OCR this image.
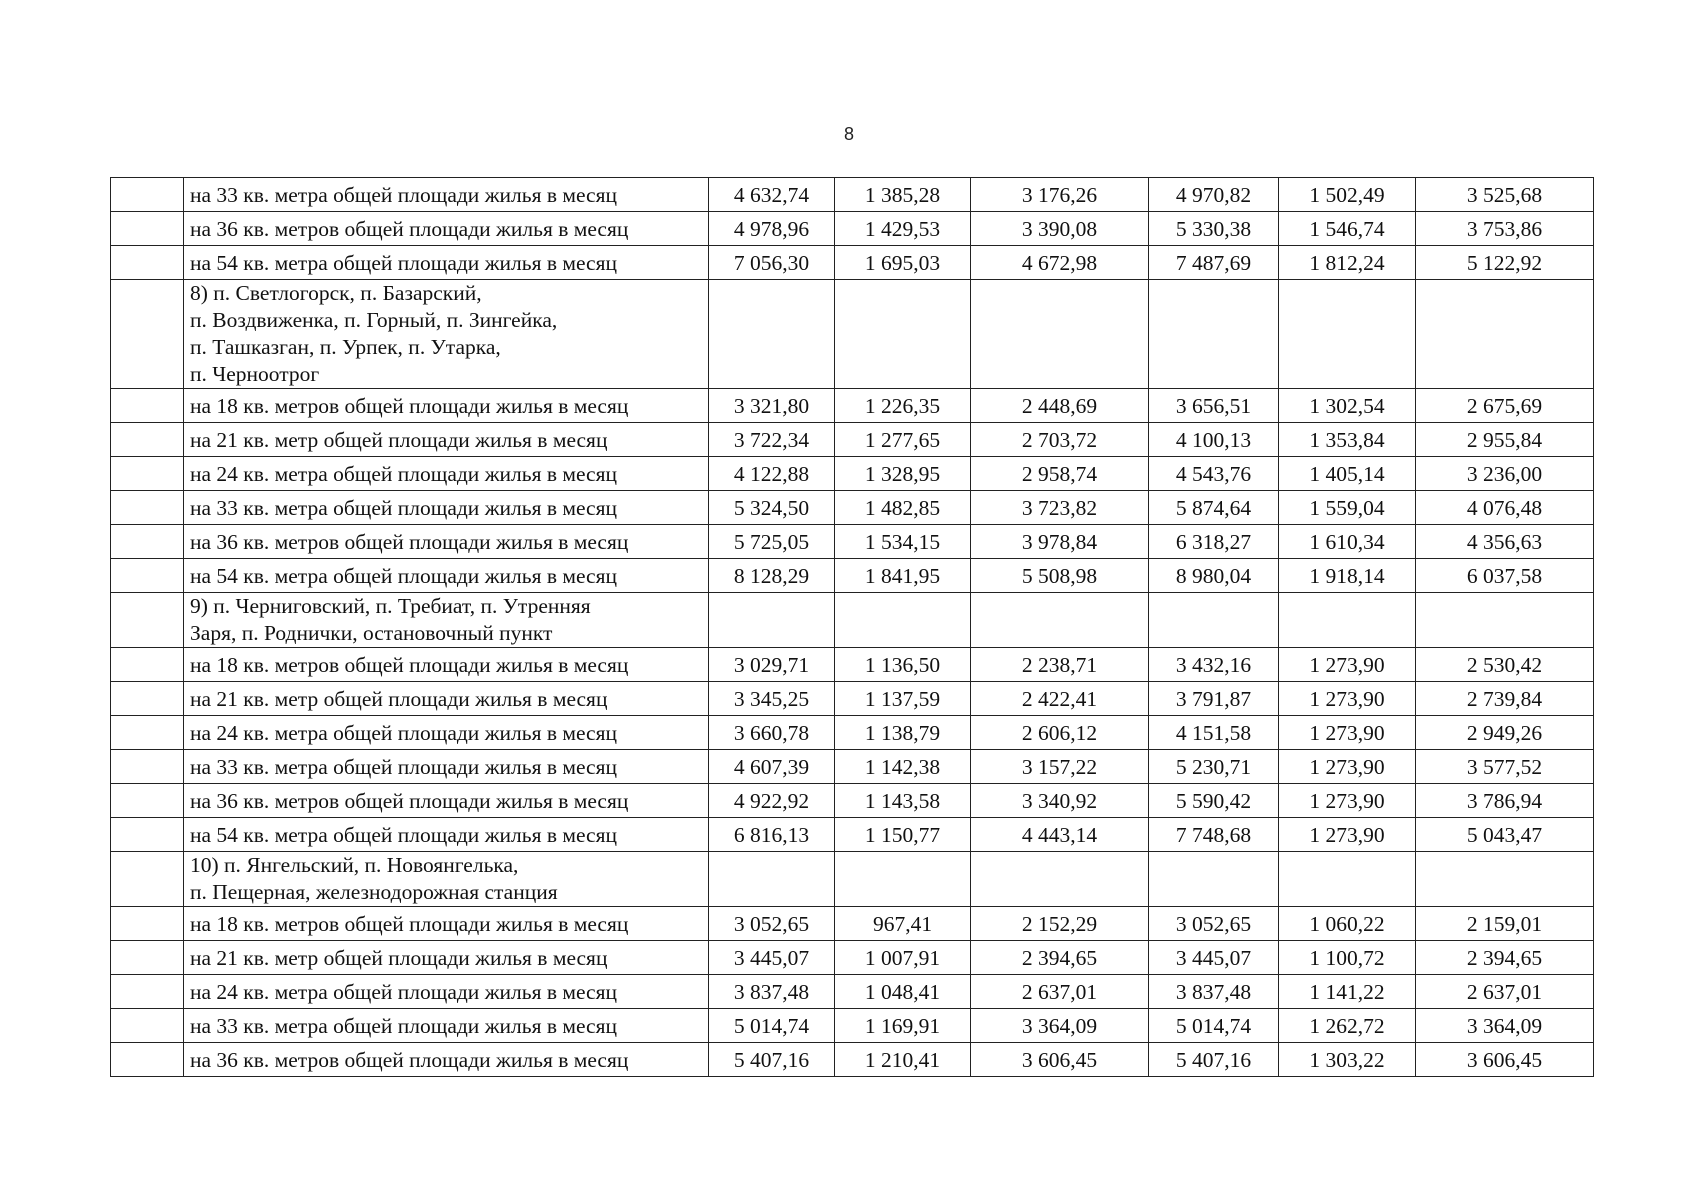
8
	на 33 кв. метра общей площади жилья в месяц	4 632,74	1 385,28	3 176,26	4 970,82	1 502,49	3 525,68
	на 36 кв. метров общей площади жилья в месяц	4 978,96	1 429,53	3 390,08	5 330,38	1 546,74	3 753,86
	на 54 кв. метра общей площади жилья в месяц	7 056,30	1 695,03	4 672,98	7 487,69	1 812,24	5 122,92

	8) п. Светлогорск, п. Базарский,
п. Воздвиженка, п. Горный, п. Зингейка,
п. Ташказган, п. Урпек, п. Утарка,
п. Черноотрог						

	на 18 кв. метров общей площади жилья в месяц	3 321,80	1 226,35	2 448,69	3 656,51	1 302,54	2 675,69
	на 21 кв. метр общей площади жилья в месяц	3 722,34	1 277,65	2 703,72	4 100,13	1 353,84	2 955,84
	на 24 кв. метра общей площади жилья в месяц	4 122,88	1 328,95	2 958,74	4 543,76	1 405,14	3 236,00
	на 33 кв. метра общей площади жилья в месяц	5 324,50	1 482,85	3 723,82	5 874,64	1 559,04	4 076,48
	на 36 кв. метров общей площади жилья в месяц	5 725,05	1 534,15	3 978,84	6 318,27	1 610,34	4 356,63
	на 54 кв. метра общей площади жилья в месяц	8 128,29	1 841,95	5 508,98	8 980,04	1 918,14	6 037,58

	9) п. Черниговский, п. Требиат, п. Утренняя
Заря, п. Роднички, остановочный пункт						

	на 18 кв. метров общей площади жилья в месяц	3 029,71	1 136,50	2 238,71	3 432,16	1 273,90	2 530,42
	на 21 кв. метр общей площади жилья в месяц	3 345,25	1 137,59	2 422,41	3 791,87	1 273,90	2 739,84
	на 24 кв. метра общей площади жилья в месяц	3 660,78	1 138,79	2 606,12	4 151,58	1 273,90	2 949,26
	на 33 кв. метра общей площади жилья в месяц	4 607,39	1 142,38	3 157,22	5 230,71	1 273,90	3 577,52
	на 36 кв. метров общей площади жилья в месяц	4 922,92	1 143,58	3 340,92	5 590,42	1 273,90	3 786,94
	на 54 кв. метра общей площади жилья в месяц	6 816,13	1 150,77	4 443,14	7 748,68	1 273,90	5 043,47

	10) п. Янгельский, п. Новоянгелька,
п. Пещерная, железнодорожная станция						

	на 18 кв. метров общей площади жилья в месяц	3 052,65	967,41	2 152,29	3 052,65	1 060,22	2 159,01
	на 21 кв. метр общей площади жилья в месяц	3 445,07	1 007,91	2 394,65	3 445,07	1 100,72	2 394,65
	на 24 кв. метра общей площади жилья в месяц	3 837,48	1 048,41	2 637,01	3 837,48	1 141,22	2 637,01
	на 33 кв. метра общей площади жилья в месяц	5 014,74	1 169,91	3 364,09	5 014,74	1 262,72	3 364,09
	на 36 кв. метров общей площади жилья в месяц	5 407,16	1 210,41	3 606,45	5 407,16	1 303,22	3 606,45
